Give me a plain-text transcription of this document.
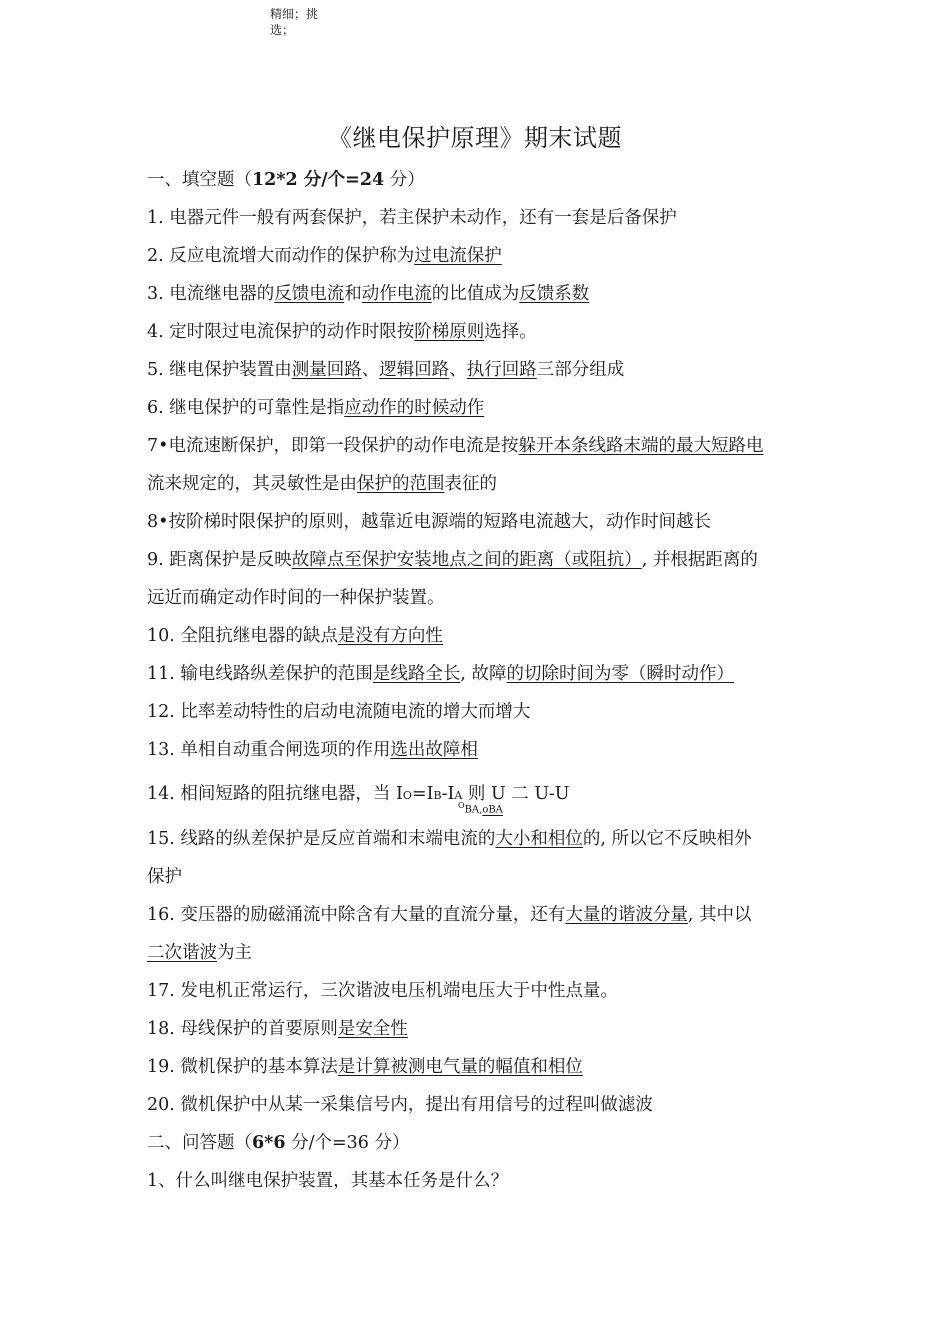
精细；挑
选；
《继电保护原理》期末试题
一、填空题（12*2 分/个=24 分）
1. 电器元件一般有两套保护，若主保护未动作，还有一套是后备保护
2. 反应电流增大而动作的保护称为过电流保护
3. 电流继电器的反馈电流和动作电流的比值成为反馈系数
4. 定时限过电流保护的动作时限按阶梯原则选择。
5. 继电保护装置由测量回路、逻辑回路、执行回路三部分组成
6. 继电保护的可靠性是指应动作的时候动作
7•电流速断保护，即第一段保护的动作电流是按躲开本条线路末端的最大短路电
流来规定的，其灵敏性是由保护的范围表征的
8•按阶梯时限保护的原则，越靠近电源端的短路电流越大，动作时间越长
9. 距离保护是反映故障点至保护安装地点之间的距离（或阻抗）, 并根据距离的
远近而确定动作时间的一种保护装置。
10. 全阻抗继电器的缺点是没有方向性
11. 输电线路纵差保护的范围是线路全长, 故障的切除时间为零（瞬时动作）
12. 比率差动特性的启动电流随电流的增大而增大
13. 单相自动重合闸选项的作用选出故障相
14. 相间短路的阻抗继电器，当 IO=IB-IA 则 U 二 U-U
$^O$BA,oBA
15. 线路的纵差保护是反应首端和末端电流的大小和相位的, 所以它不反映相外
保护
16. 变压器的励磁涌流中除含有大量的直流分量，还有大量的谐波分量, 其中以
二次谐波为主
17. 发电机正常运行，三次谐波电压机端电压大于中性点量。
18. 母线保护的首要原则是安全性
19. 微机保护的基本算法是计算被测电气量的幅值和相位
20. 微机保护中从某一采集信号内，提出有用信号的过程叫做滤波
二、问答题（6*6 分/个=36 分）
1、什么叫继电保护装置，其基本任务是什么？
